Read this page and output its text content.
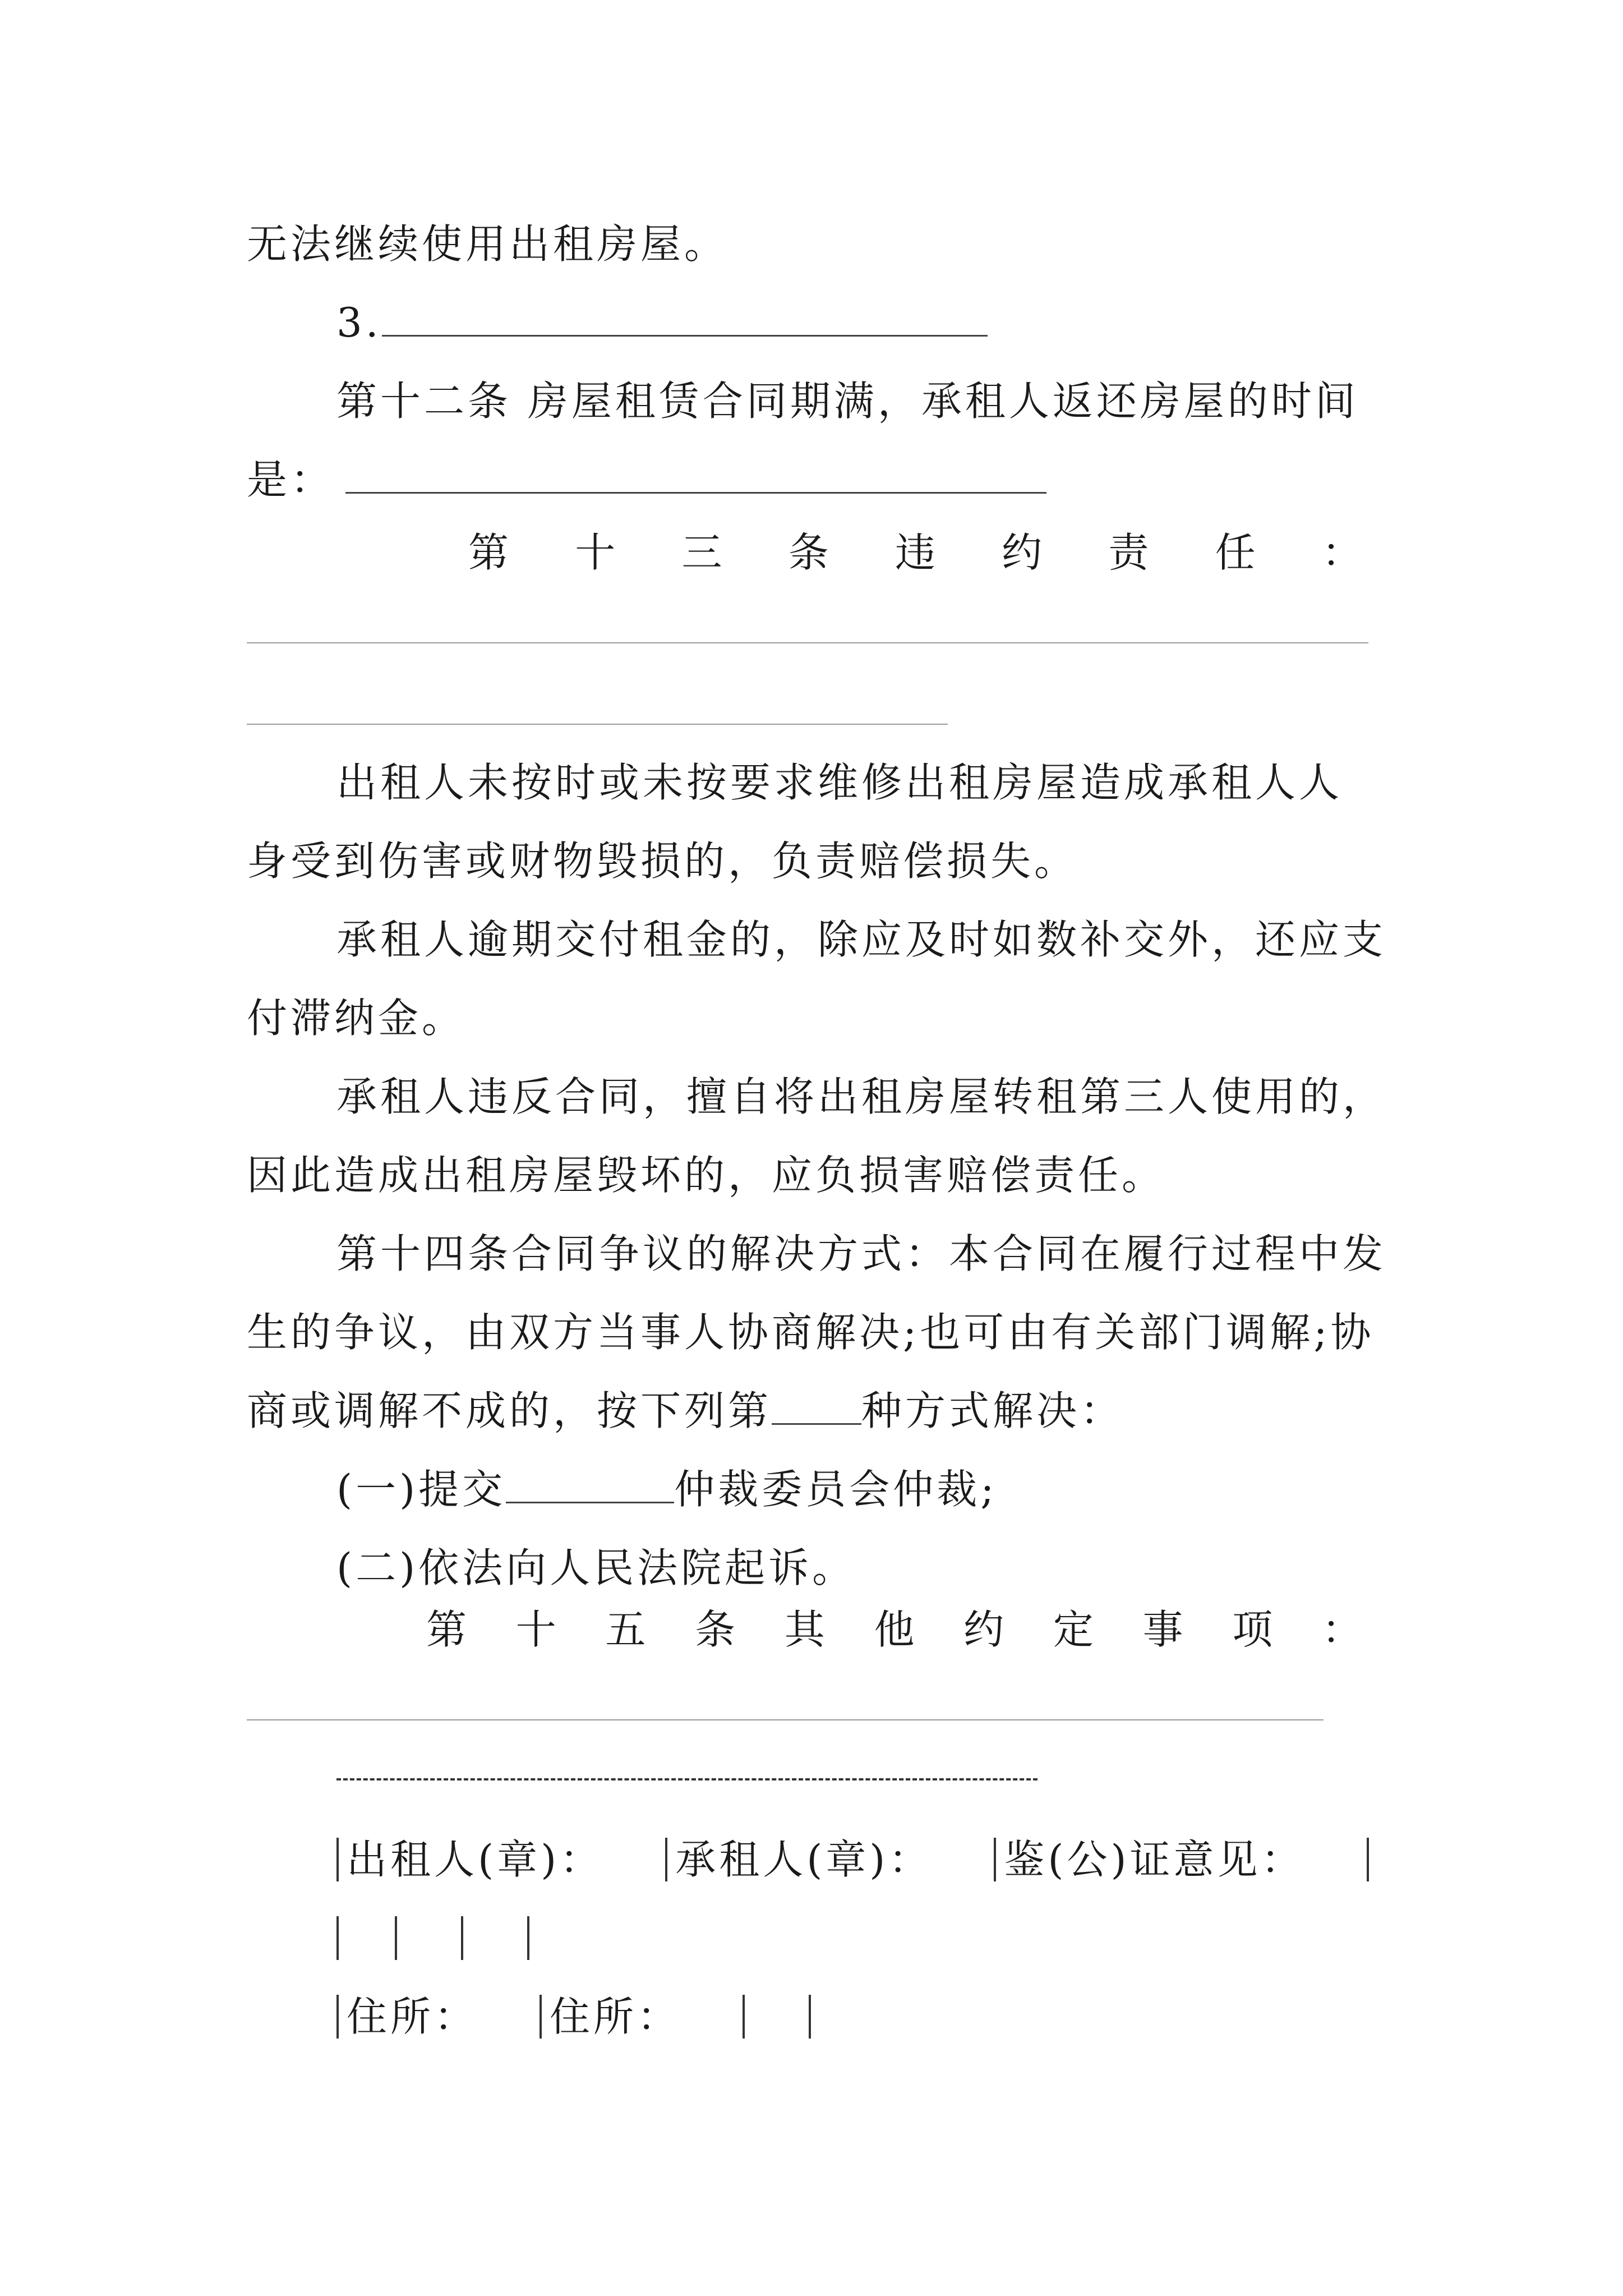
无法继续使用出租房屋。
3.
第十二条 房屋租赁合同期满，承租人返还房屋的时间
是：
第 十 三 条 违 约 责 任 ：
出租人未按时或未按要求维修出租房屋造成承租人人
身受到伤害或财物毁损的，负责赔偿损失。
承租人逾期交付租金的，除应及时如数补交外，还应支
付滞纳金。
承租人违反合同，擅自将出租房屋转租第三人使用的，
因此造成出租房屋毁坏的，应负损害赔偿责任。
第十四条合同争议的解决方式：本合同在履行过程中发
生的争议，由双方当事人协商解决;也可由有关部门调解;协
商或调解不成的，按下列第 种方式解决：
(一)提交	仲裁委员会仲裁;
(二)依法向人民法院起诉。
第 十 五 条 其 他 约 定 事 项 ：
出租人(章)： 承租人(章)： 鉴(公)证意见：
住所： 住所：
